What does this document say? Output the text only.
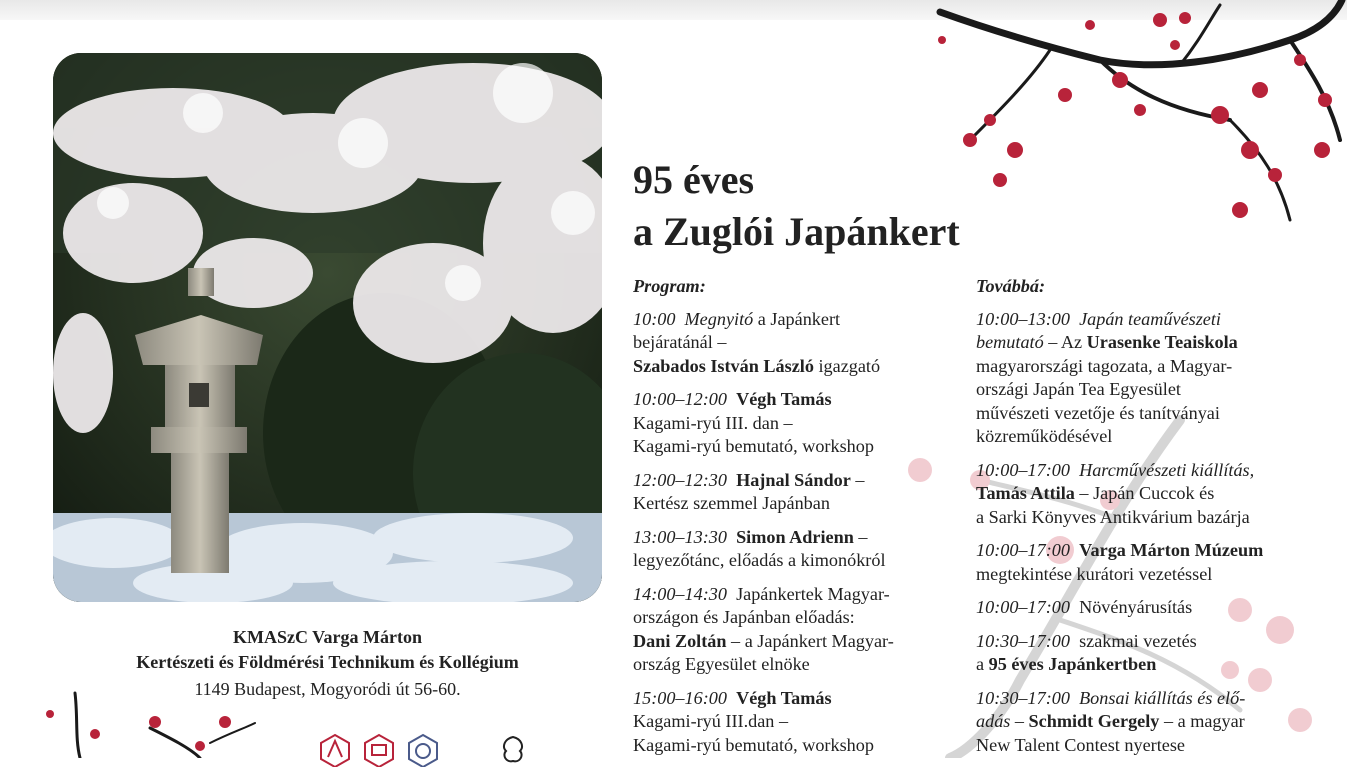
KMASzC Varga Márton
Kertészeti és Földmérési Technikum és Kollégium
1149 Budapest, Mogyoródi út 56-60.
95 éves
a Zuglói Japánkert
Program:
10:00 Megnyitó a Japánkert
bejáratánál –
Szabados István László igazgató
10:00–12:00 Végh Tamás
Kagami-ryú III. dan –
Kagami-ryú bemutató, workshop
12:00–12:30 Hajnal Sándor –
Kertész szemmel Japánban
13:00–13:30 Simon Adrienn –
legyezőtánc, előadás a kimonókról
14:00–14:30 Japánkertek Magyar-
országon és Japánban előadás:
Dani Zoltán – a Japánkert Magyar-
ország Egyesület elnöke
15:00–16:00 Végh Tamás
Kagami-ryú III.dan –
Kagami-ryú bemutató, workshop
Továbbá:
10:00–13:00 Japán teaművészeti
bemutató – Az Urasenke Teaiskola
magyarországi tagozata, a Magyar-
országi Japán Tea Egyesület
művészeti vezetője és tanítványai
közreműködésével
10:00–17:00 Harcművészeti kiállítás,
Tamás Attila – Japán Cuccok és
a Sarki Könyves Antikvárium bazárja
10:00–17:00 Varga Márton Múzeum
megtekintése kurátori vezetéssel
10:00–17:00 Növényárusítás
10:30–17:00 szakmai vezetés
a 95 éves Japánkertben
10:30–17:00 Bonsai kiállítás és elő-
adás – Schmidt Gergely – a magyar
New Talent Contest nyertese
